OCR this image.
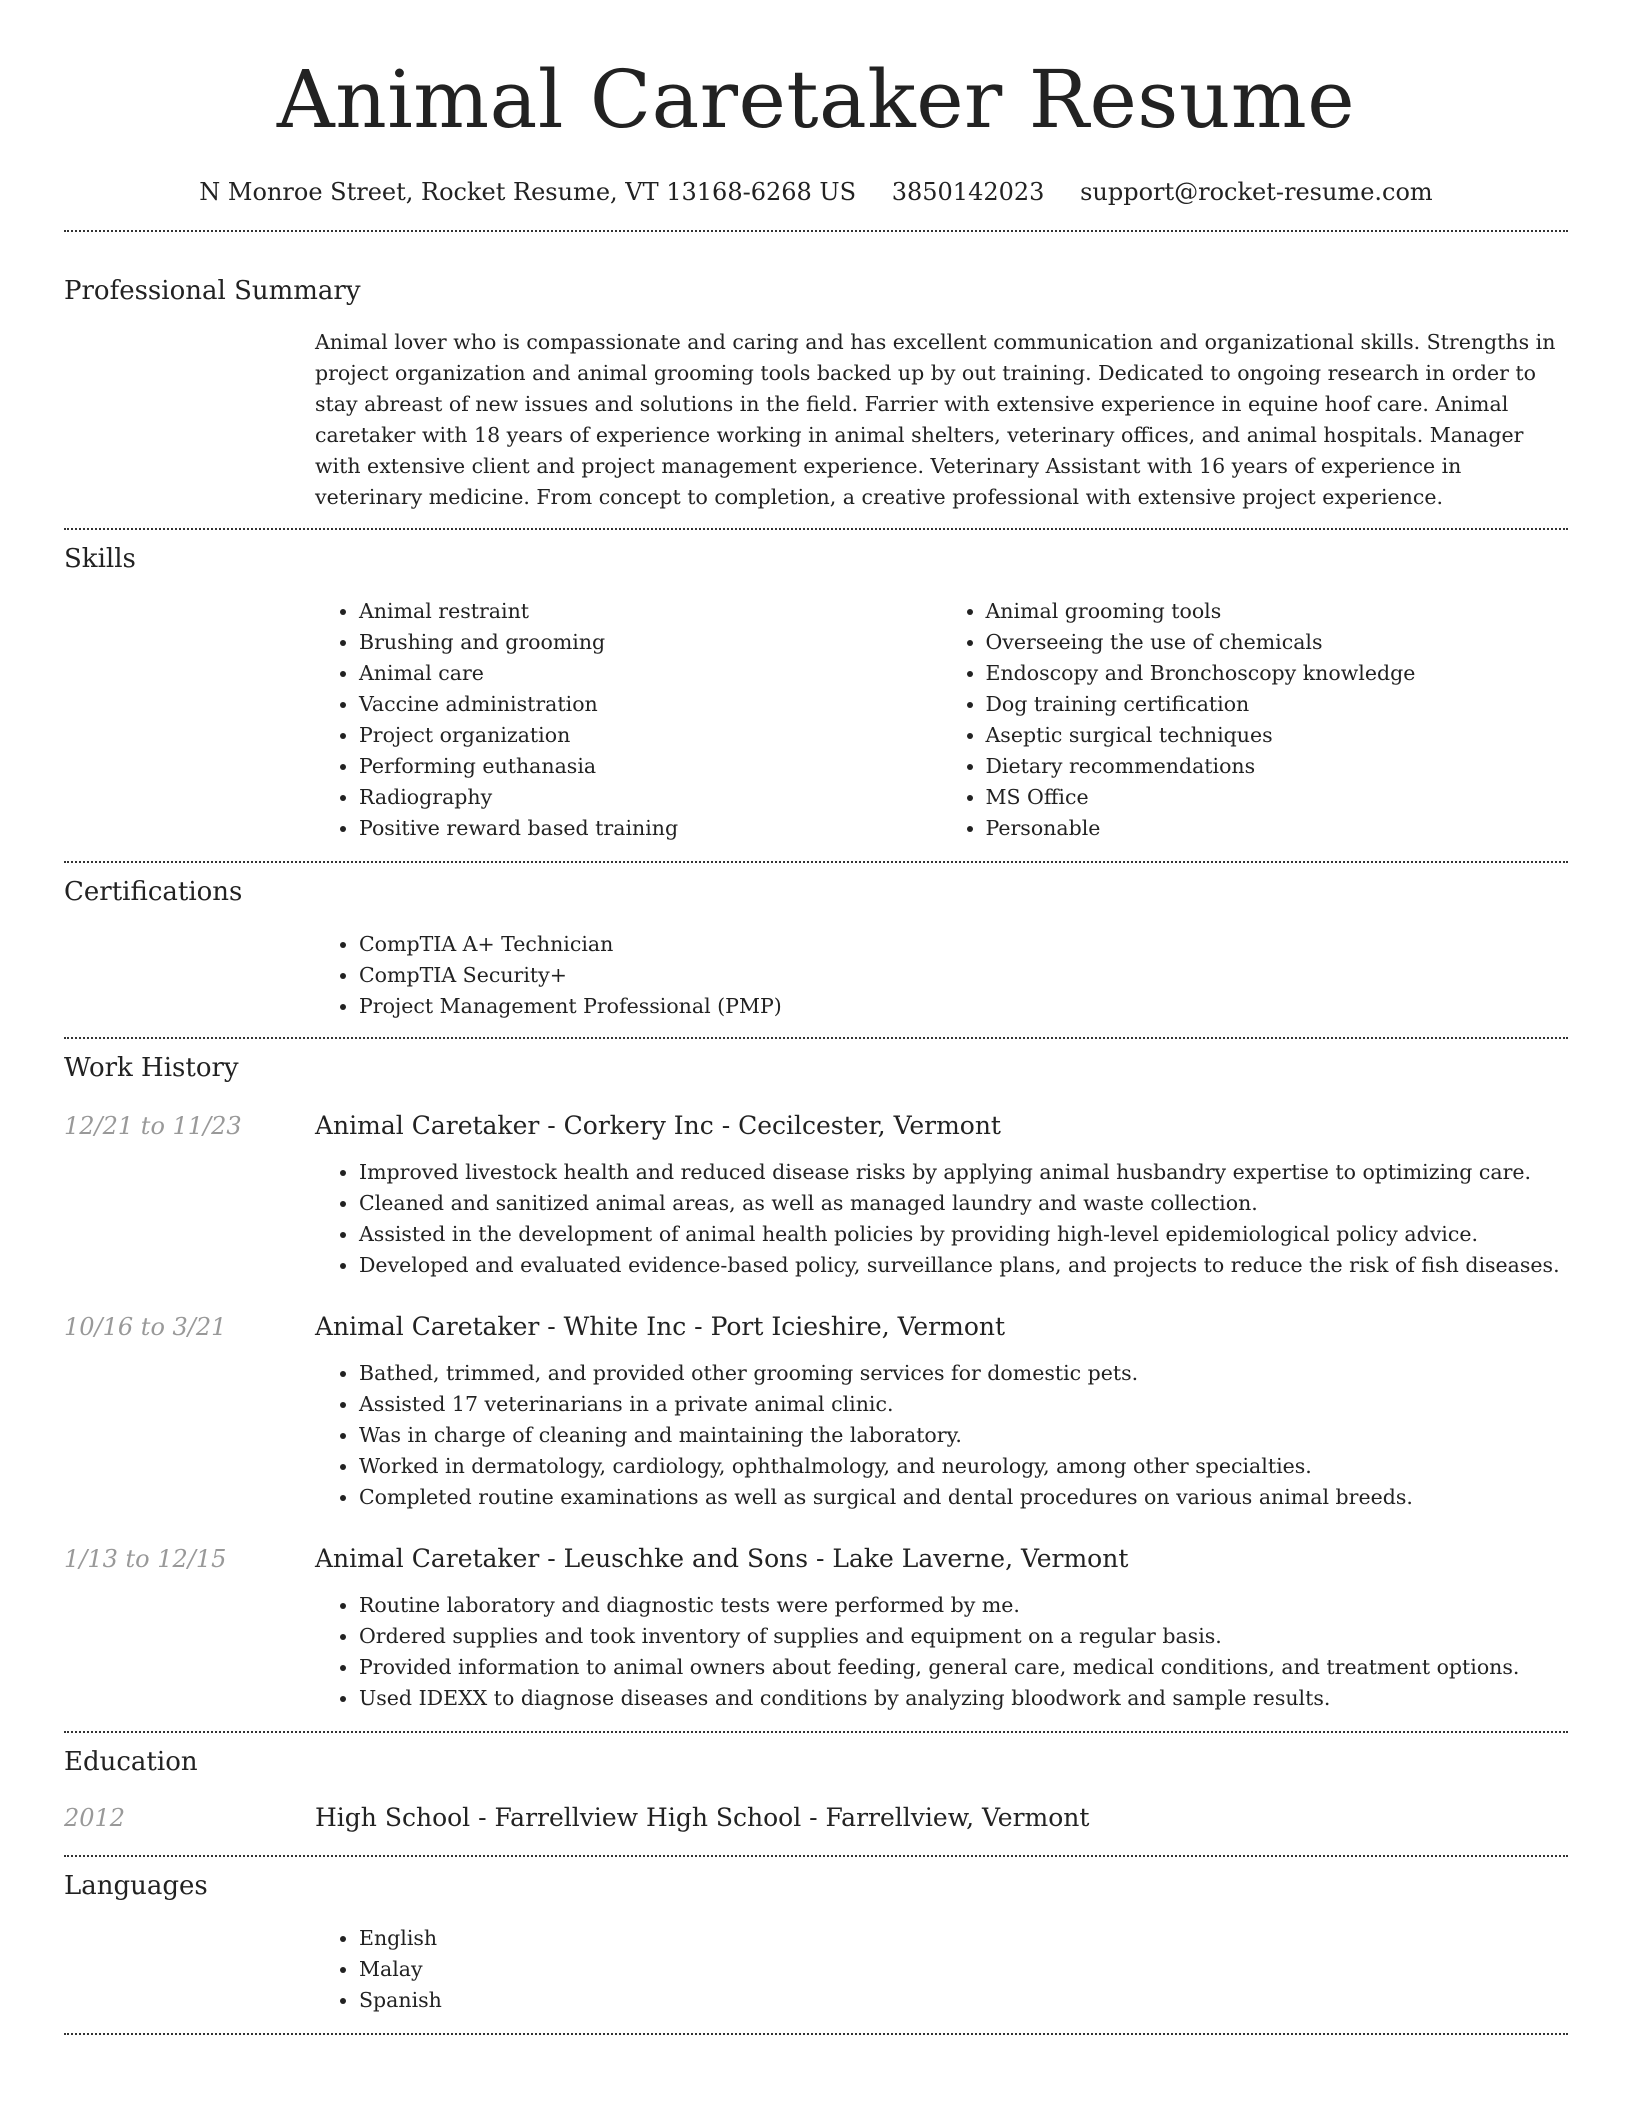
Animal Caretaker Resume
N Monroe Street, Rocket Resume, VT 13168-6268 US 3850142023 support@rocket-resume.com
Professional Summary

Animal lover who is compassionate and caring and has excellent communication and organizational skills. Strengths in project organization and animal grooming tools backed up by out training. Dedicated to ongoing research in order to stay abreast of new issues and solutions in the field. Farrier with extensive experience in equine hoof care. Animal caretaker with 18 years of experience working in animal shelters, veterinary offices, and animal hospitals. Manager with extensive client and project management experience. Veterinary Assistant with 16 years of experience in veterinary medicine. From concept to completion, a creative professional with extensive project experience.

Skills
• Animal restraint
• Brushing and grooming
• Animal care
• Vaccine administration
• Project organization
• Performing euthanasia
• Radiography
• Positive reward based training
• Animal grooming tools
• Overseeing the use of chemicals
• Endoscopy and Bronchoscopy knowledge
• Dog training certification
• Aseptic surgical techniques
• Dietary recommendations
• MS Office
• Personable
Certifications
• CompTIA A+ Technician
• CompTIA Security+
• Project Management Professional (PMP)
Work History
12/21 to 11/23	Animal Caretaker - Corkery Inc - Cecilcester, Vermont
• Improved livestock health and reduced disease risks by applying animal husbandry expertise to optimizing care.
• Cleaned and sanitized animal areas, as well as managed laundry and waste collection.
• Assisted in the development of animal health policies by providing high-level epidemiological policy advice.
• Developed and evaluated evidence-based policy, surveillance plans, and projects to reduce the risk of fish diseases.
10/16 to 3/21	Animal Caretaker - White Inc - Port Icieshire, Vermont
• Bathed, trimmed, and provided other grooming services for domestic pets.
• Assisted 17 veterinarians in a private animal clinic.
• Was in charge of cleaning and maintaining the laboratory.
• Worked in dermatology, cardiology, ophthalmology, and neurology, among other specialties.
• Completed routine examinations as well as surgical and dental procedures on various animal breeds.
1/13 to 12/15	Animal Caretaker - Leuschke and Sons - Lake Laverne, Vermont
• Routine laboratory and diagnostic tests were performed by me.
• Ordered supplies and took inventory of supplies and equipment on a regular basis.
• Provided information to animal owners about feeding, general care, medical conditions, and treatment options.
• Used IDEXX to diagnose diseases and conditions by analyzing bloodwork and sample results.
Education
2012	High School - Farrellview High School - Farrellview, Vermont
Languages
• English
• Malay
• Spanish
